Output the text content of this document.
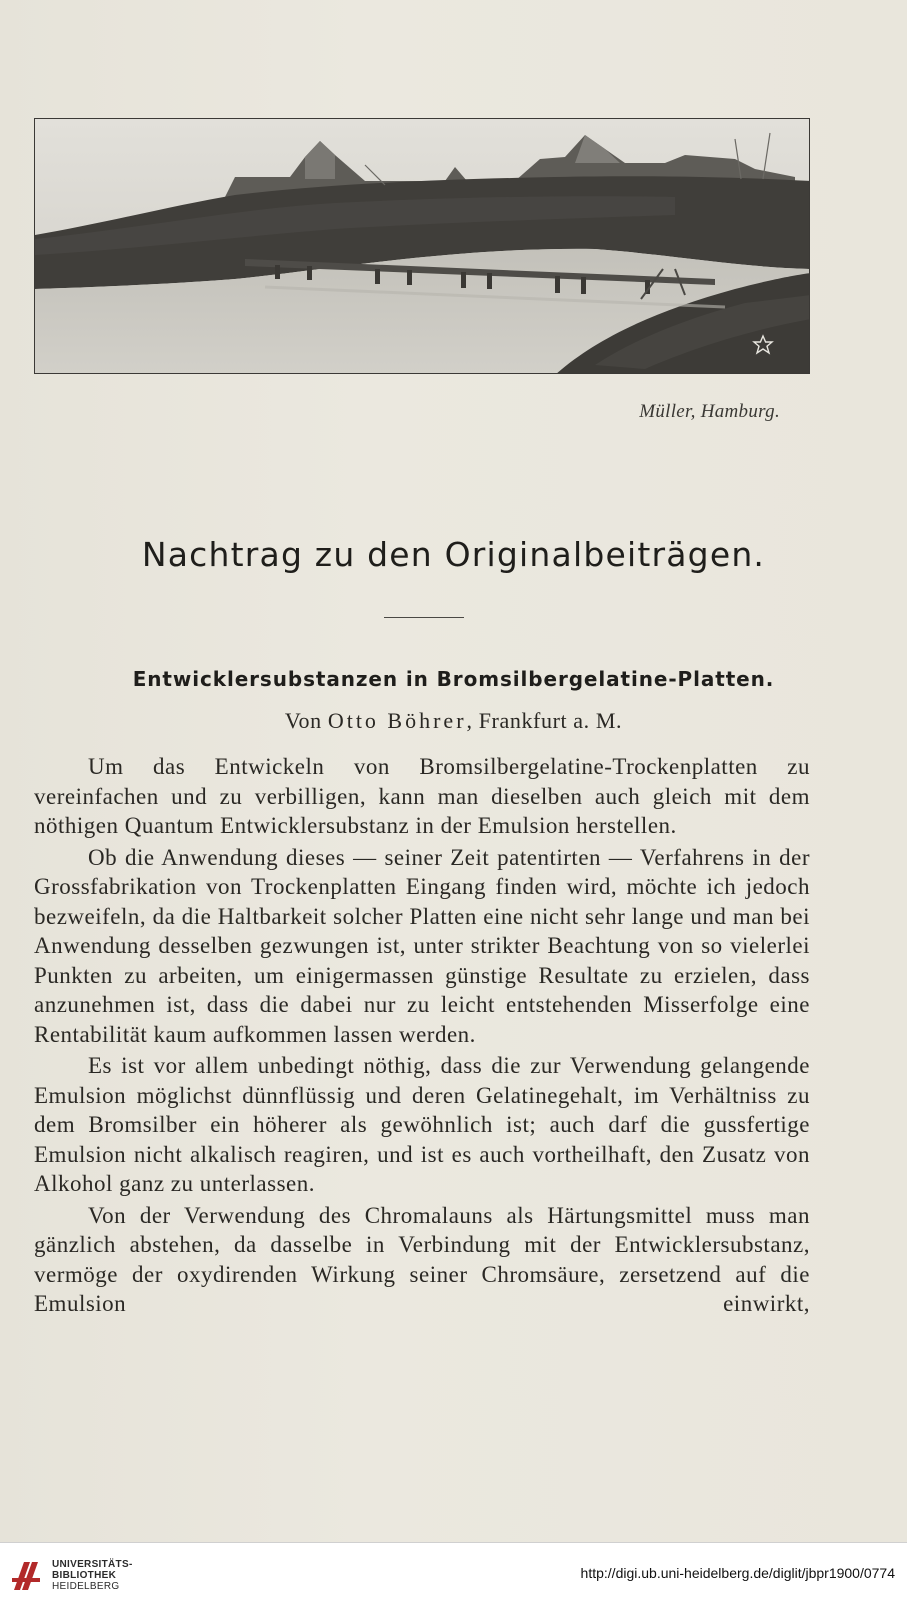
Müller, Hamburg.
Nachtrag zu den Originalbeiträgen.
Entwicklersubstanzen in Bromsilbergelatine-Platten.
Von Otto Böhrer, Frankfurt a. M.

Um das Entwickeln von Bromsilbergelatine-Trockenplatten zu vereinfachen und zu verbilligen, kann man dieselben auch gleich mit dem nöthigen Quantum Entwicklersubstanz in der Emulsion herstellen.

Ob die Anwendung dieses — seiner Zeit patentirten — Verfahrens in der Grossfabrikation von Trockenplatten Eingang finden wird, möchte ich jedoch bezweifeln, da die Haltbarkeit solcher Platten eine nicht sehr lange und man bei Anwendung desselben gezwungen ist, unter strikter Beachtung von so vielerlei Punkten zu arbeiten, um einigermassen günstige Resultate zu erzielen, dass anzunehmen ist, dass die dabei nur zu leicht entstehenden Misserfolge eine Rentabilität kaum aufkommen lassen werden.

Es ist vor allem unbedingt nöthig, dass die zur Verwendung gelangende Emulsion möglichst dünnflüssig und deren Gelatinegehalt, im Verhältniss zu dem Bromsilber ein höherer als gewöhnlich ist; auch darf die gussfertige Emulsion nicht alkalisch reagiren, und ist es auch vortheilhaft, den Zusatz von Alkohol ganz zu unterlassen.

Von der Verwendung des Chromalauns als Härtungsmittel muss man gänzlich abstehen, da dasselbe in Verbindung mit der Entwicklersubstanz, vermöge der oxydirenden Wirkung seiner Chromsäure, zersetzend auf die Emulsion einwirkt,

UNIVERSITÄTS-
BIBLIOTHEK
HEIDELBERG
http://digi.ub.uni-heidelberg.de/diglit/jbpr1900/0774
